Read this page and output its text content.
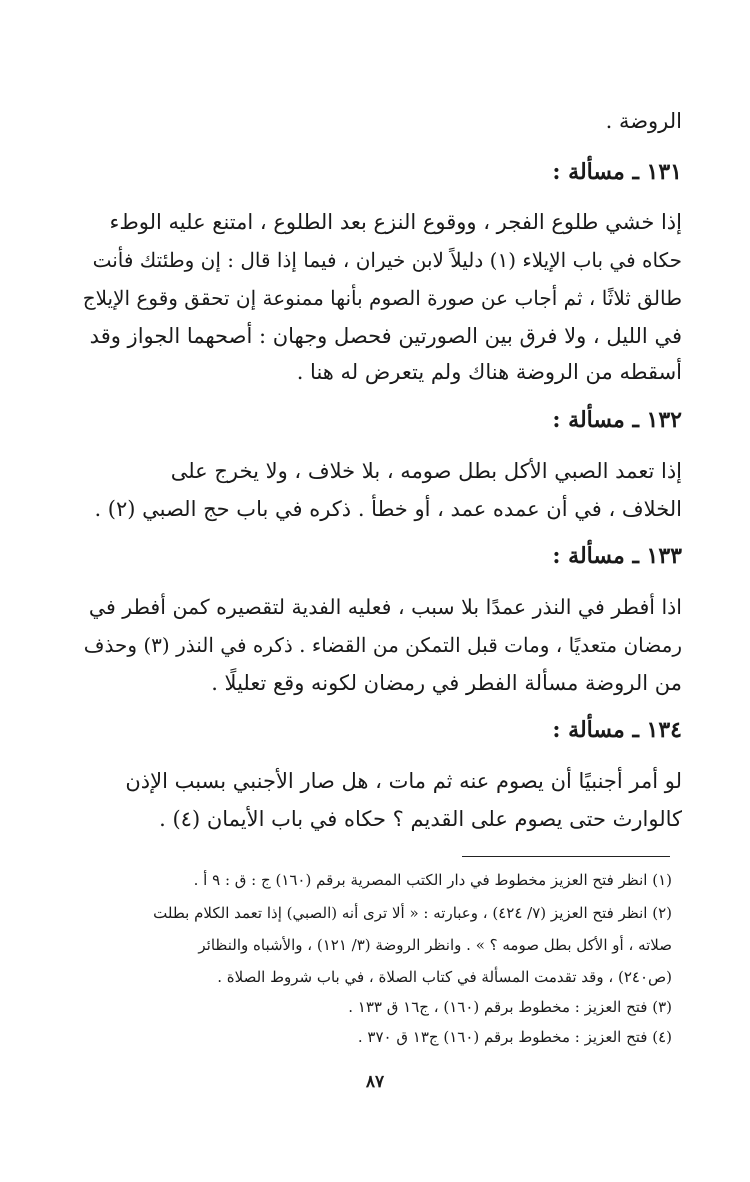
الروضة .
١٣١ ـ مسألة :
إذا خشي طلوع الفجر ، ووقوع النزع بعد الطلوع ، امتنع عليه الوطء
حكاه في باب الإيلاء (١) دليلاً لابن خيران ، فيما إذا قال : إن وطئتك فأنت
طالق ثلاثًا ، ثم أجاب عن صورة الصوم بأنها ممنوعة إن تحقق وقوع الإيلاج
في الليل ، ولا فرق بين الصورتين فحصل وجهان : أصحهما الجواز وقد
أسقطه من الروضة هناك ولم يتعرض له هنا .
١٣٢ ـ مسألة :
إذا تعمد الصبي الأكل بطل صومه ، بلا خلاف ، ولا يخرج على
الخلاف ، في أن عمده عمد ، أو خطأ . ذكره في باب حج الصبي (٢) .
١٣٣ ـ مسألة :
اذا أفطر في النذر عمدًا بلا سبب ، فعليه الفدية لتقصيره كمن أفطر في
رمضان متعديًا ، ومات قبل التمكن من القضاء . ذكره في النذر (٣) وحذف
من الروضة مسألة الفطر في رمضان لكونه وقع تعليلًا .
١٣٤ ـ مسألة :
لو أمر أجنبيًا أن يصوم عنه ثم مات ، هل صار الأجنبي بسبب الإذن
كالوارث حتى يصوم على القديم ؟ حكاه في باب الأيمان (٤) .
(١) انظر فتح العزيز مخطوط في دار الكتب المصرية برقم (١٦٠) ج : ق : ٩ أ .
(٢) انظر فتح العزيز (٧/ ٤٢٤) ، وعبارته : « ألا ترى أنه (الصبي) إذا تعمد الكلام بطلت
صلاته ، أو الأكل بطل صومه ؟ » . وانظر الروضة (٣/ ١٢١) ، والأشباه والنظائر
(ص٢٤٠) ، وقد تقدمت المسألة في كتاب الصلاة ، في باب شروط الصلاة .
(٣) فتح العزيز : مخطوط برقم (١٦٠) ، ج١٦ ق ١٣٣ .
(٤) فتح العزيز : مخطوط برقم (١٦٠) ج١٣ ق ٣٧٠ .
٨٧
